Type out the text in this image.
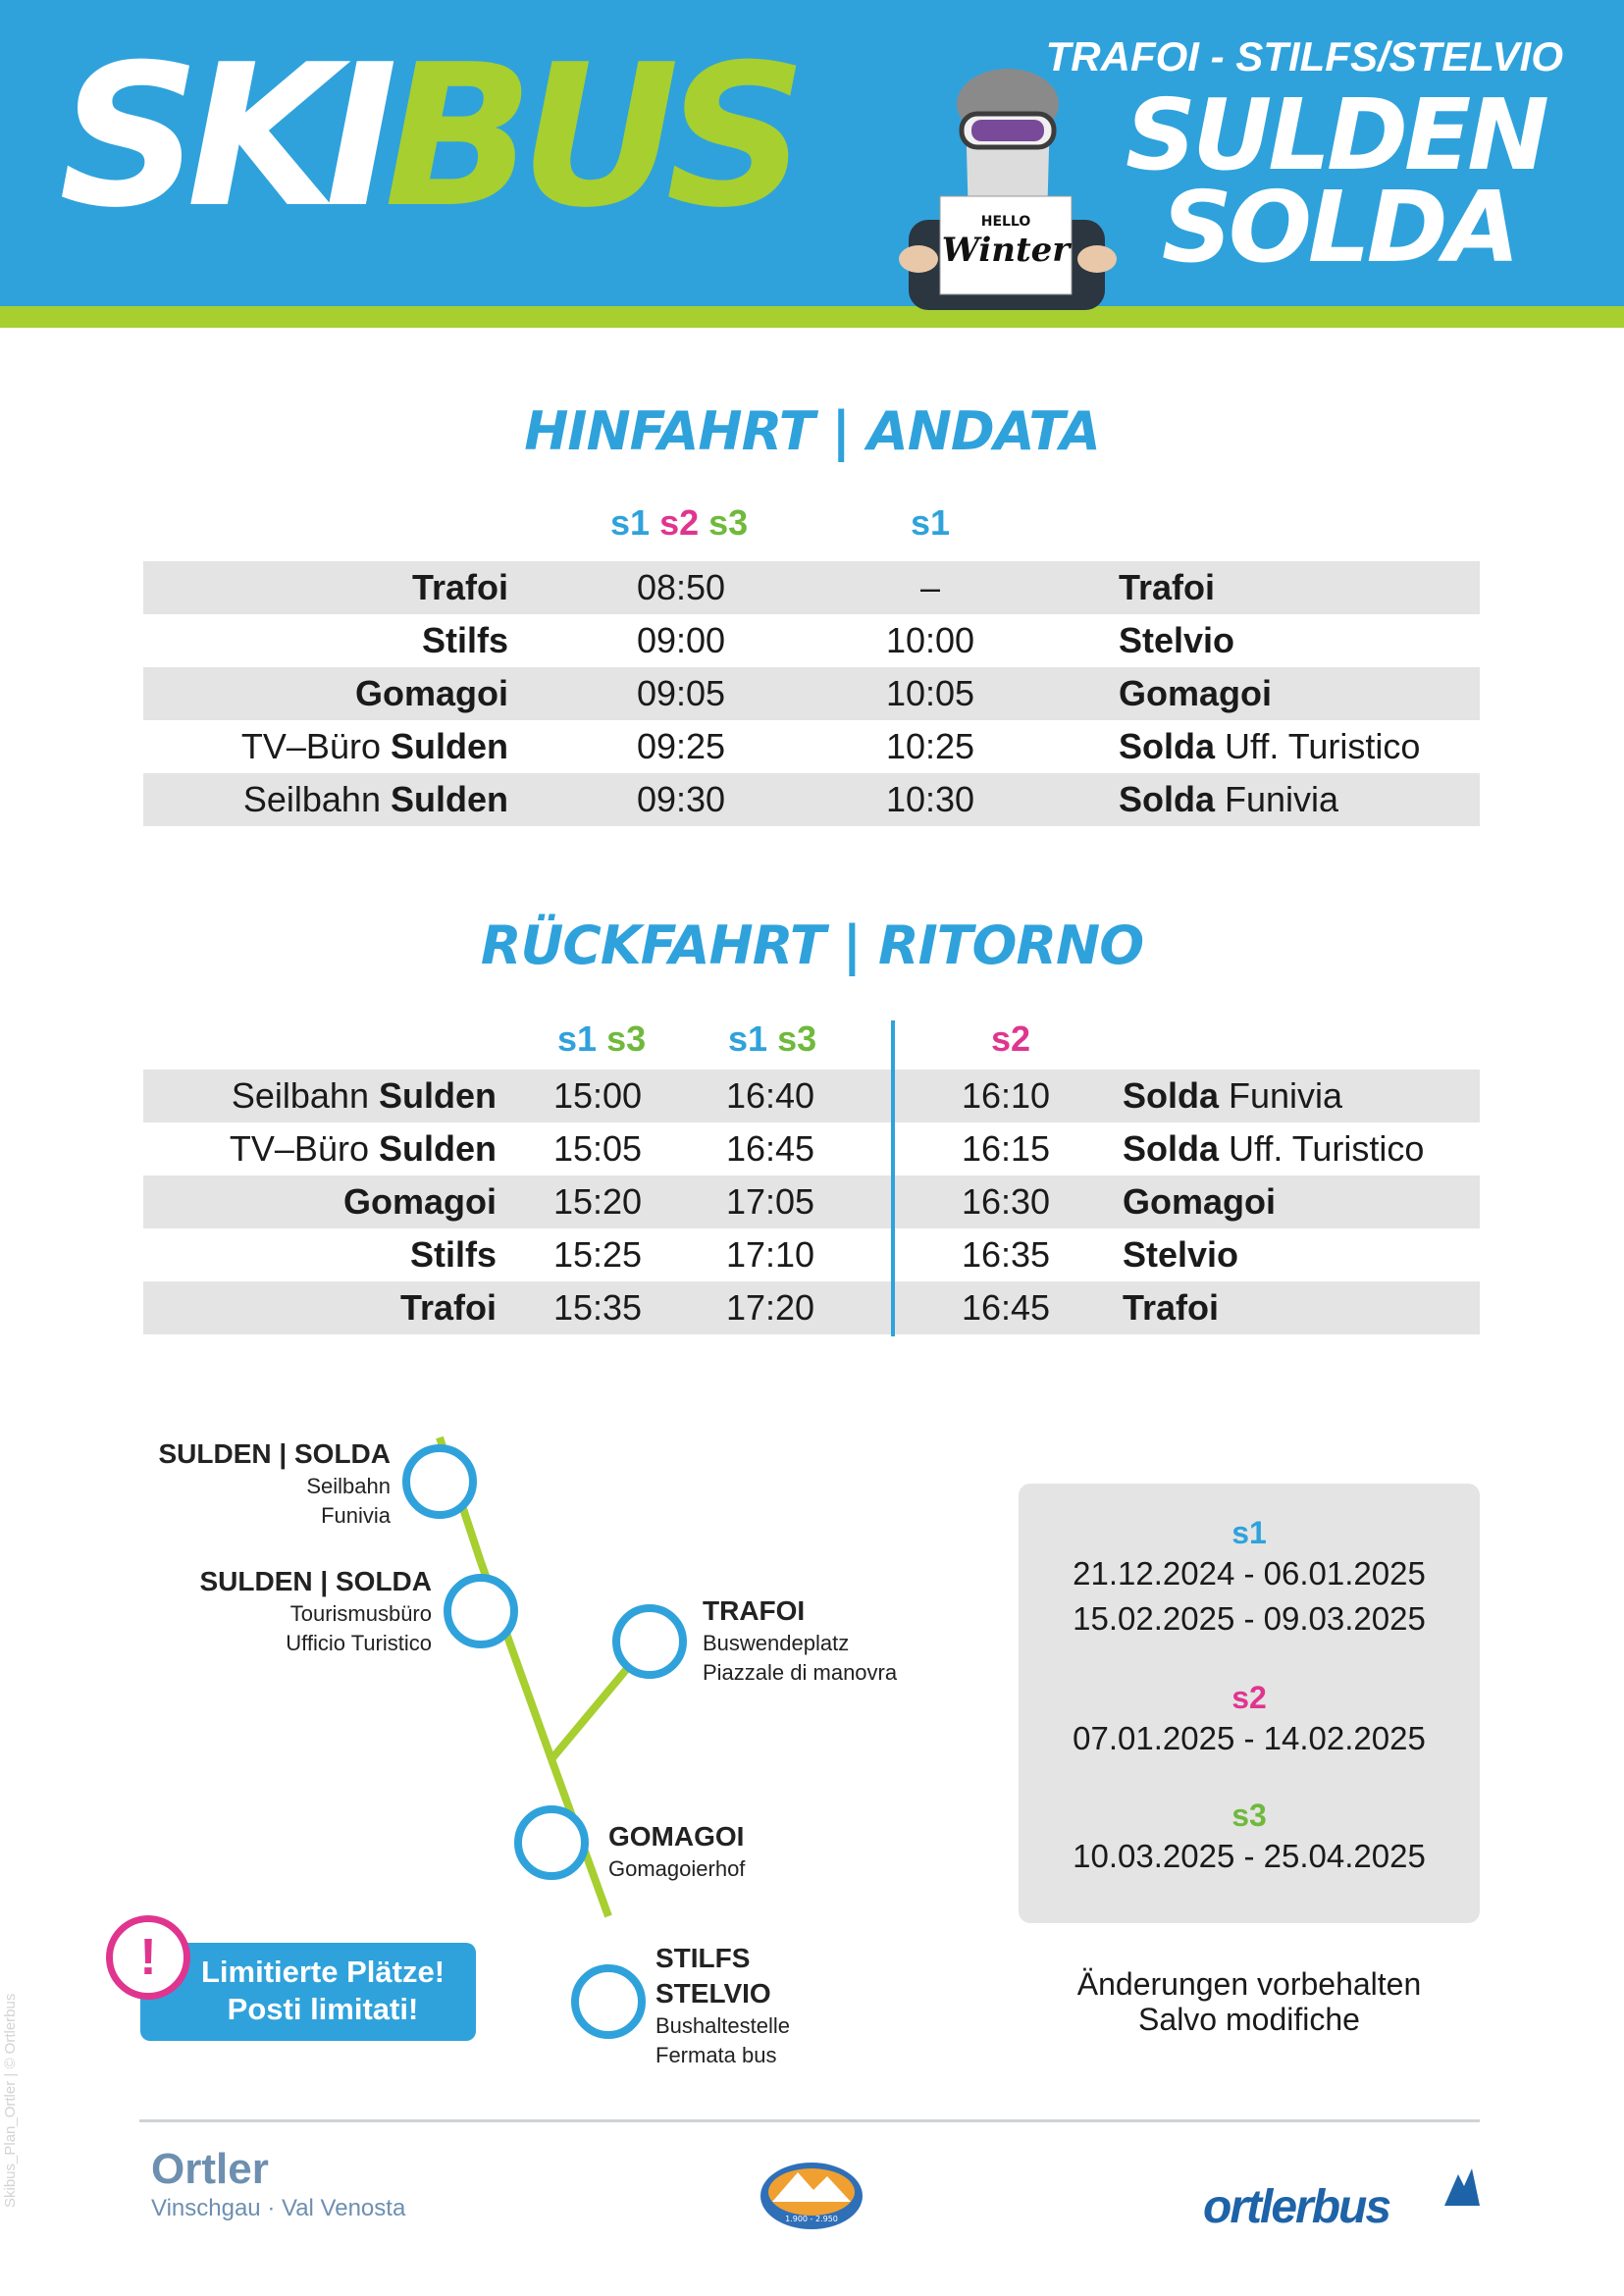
SKIBUS	HELLO
Winter
TRAFOI - STILFS/STELVIO
SULDEN
SOLDA
HINFAHRT | ANDATA
s1 s2 s3	s1
Trafoi	08:50	–	Trafoi
Stilfs	09:00	10:00	Stelvio
Gomagoi	09:05	10:05	Gomagoi
TV–Büro Sulden	09:25	10:25	Solda Uff. Turistico
Seilbahn Sulden	09:30	10:30	Solda Funivia
RÜCKFAHRT | RITORNO
s1 s3 s1 s3	s2
Seilbahn Sulden	15:00	16:40	16:10	Solda Funivia
TV–Büro Sulden	15:05	16:45	16:15	Solda Uff. Turistico
Gomagoi	15:20	17:05	16:30	Gomagoi
Stilfs	15:25	17:10	16:35	Stelvio
Trafoi	15:35	17:20	16:45	Trafoi
SULDEN | SOLDA
Seilbahn
Funivia
SULDEN | SOLDA
Tourismusbüro
Ufficio Turistico
TRAFOI
Buswendeplatz
Piazzale di manovra
GOMAGOI
Gomagoierhof
STILFS
STELVIO
Bushaltestelle
Fermata bus
s1
21.12.2024 - 06.01.2025
15.02.2025 - 09.03.2025
s2
07.01.2025 - 14.02.2025
s3
10.03.2025 - 25.04.2025
Änderungen vorbehalten
Salvo modifiche
Limitierte Plätze!
Posti limitati!
!
Ortler
Vinschgau · Val Venosta	1.900 - 2.950	ortlerbus
Skibus_Plan_Ortler | © Ortlerbus
